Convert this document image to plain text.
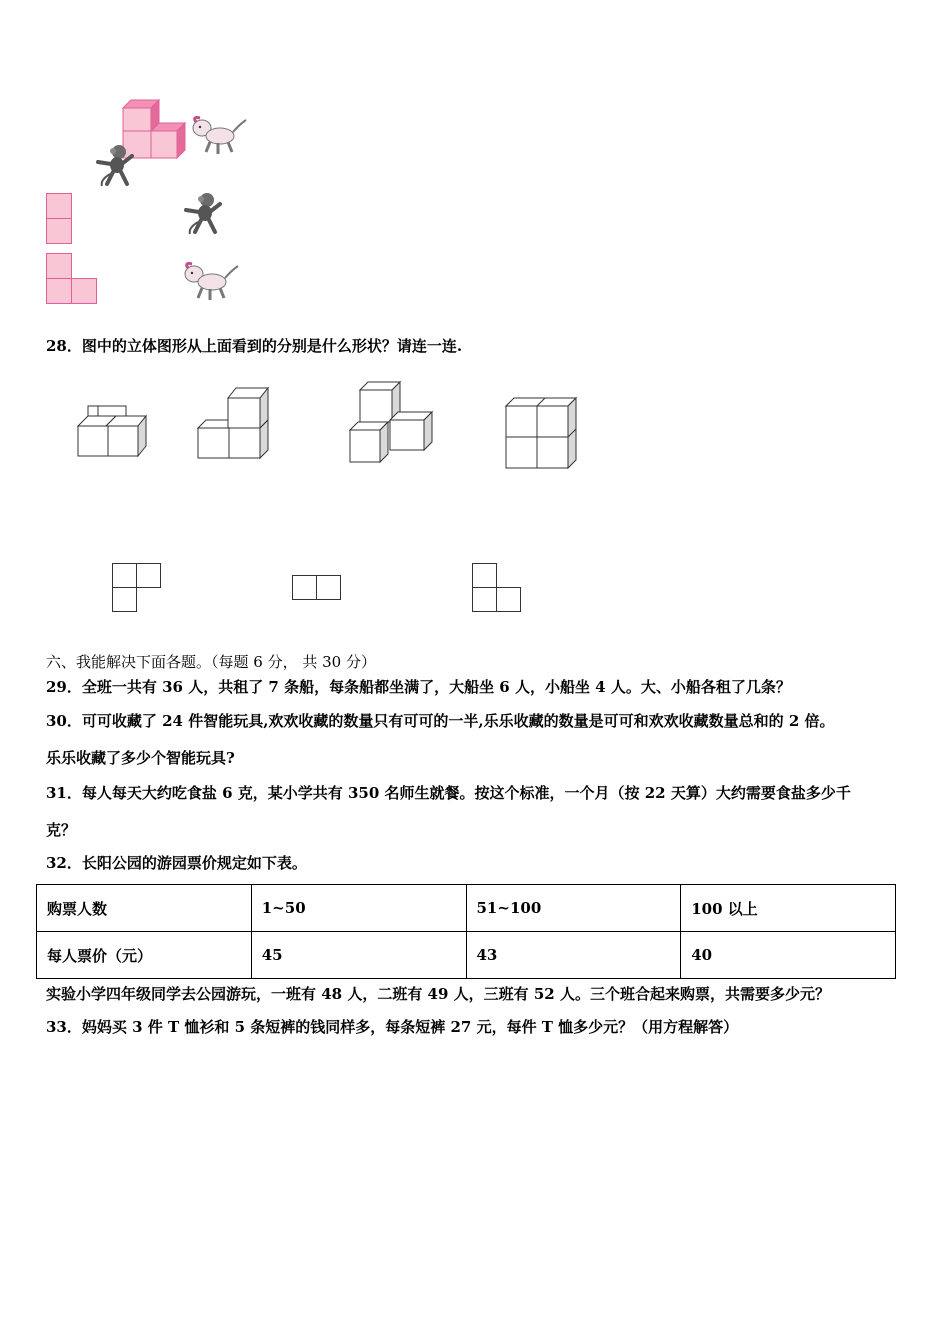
28．图中的立体图形从上面看到的分别是什么形状？请连一连.
六、我能解决下面各题。（每题 6 分， 共 30 分）
29．全班一共有 36 人，共租了 7 条船，每条船都坐满了，大船坐 6 人，小船坐 4 人。大、小船各租了几条？
30．可可收藏了 24 件智能玩具,欢欢收藏的数量只有可可的一半,乐乐收藏的数量是可可和欢欢收藏数量总和的 2 倍。
乐乐收藏了多少个智能玩具?
31．每人每天大约吃食盐 6 克，某小学共有 350 名师生就餐。按这个标准，一个月（按 22 天算）大约需要食盐多少千
克？
32．长阳公园的游园票价规定如下表。
购票人数	1~50	51~100	100 以上
每人票价（元）	45	43	40
实验小学四年级同学去公园游玩，一班有 48 人，二班有 49 人，三班有 52 人。三个班合起来购票，共需要多少元？
33．妈妈买 3 件 T 恤衫和 5 条短裤的钱同样多，每条短裤 27 元，每件 T 恤多少元？（用方程解答）
